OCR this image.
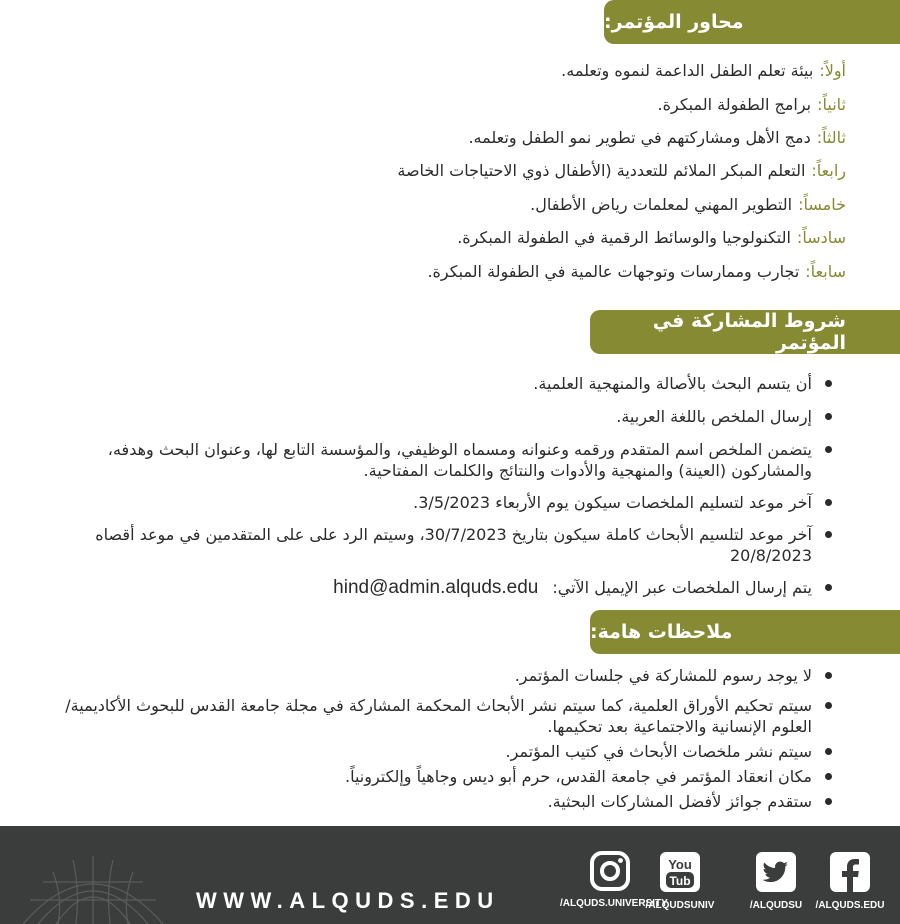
محاور المؤتمر:
أولاً:
بيئة تعلم الطفل الداعمة لنموه وتعلمه.
ثانياً:
برامج الطفولة المبكرة.
ثالثاً:
دمج الأهل ومشاركتهم في تطوير نمو الطفل وتعلمه.
رابعاً:
التعلم المبكر الملائم للتعددية (الأطفال ذوي الاحتياجات الخاصة
خامساً:
التطوير المهني لمعلمات رياض الأطفال.
سادساً:
التكنولوجيا والوسائط الرقمية في الطفولة المبكرة.
سابعاً:
تجارب وممارسات وتوجهات عالمية في الطفولة المبكرة.
شروط المشاركة في المؤتمر
أن يتسم البحث بالأصالة والمنهجية العلمية.
إرسال الملخص باللغة العربية.
يتضمن الملخص اسم المتقدم ورقمه وعنوانه ومسماه الوظيفي، والمؤسسة التابع لها، وعنوان البحث وهدفه، والمشاركون (العينة) والمنهجية والأدوات والنتائج والكلمات المفتاحية.
آخر موعد لتسليم الملخصات سيكون يوم الأربعاء 3/5/2023.
آخر موعد لتلسيم الأبحاث كاملة سيكون بتاريخ 30/7/2023، وسيتم الرد على على المتقدمين في موعد أقصاه 20/8/2023
يتم إرسال الملخصات عبر الإيميل الآتي:hind@admin.alquds.edu
ملاحظات هامة:
لا يوجد رسوم للمشاركة في جلسات المؤتمر.
سيتم تحكيم الأوراق العلمية، كما سيتم نشر الأبحاث المحكمة المشاركة في مجلة جامعة القدس للبحوث الأكاديمية/العلوم الإنسانية والاجتماعية بعد تحكيمها.
سيتم نشر ملخصات الأبحاث في كتيب المؤتمر.
مكان انعقاد المؤتمر في جامعة القدس، حرم أبو ديس وجاهياً وإلكترونياً.
ستقدم جوائز لأفضل المشاركات البحثية.
WWW.ALQUDS.EDU	/ALQUDS.UNIVERSITY
You
Tub
/ALQUDSUNIV	/ALQUDSU	/ALQUDS.EDU
